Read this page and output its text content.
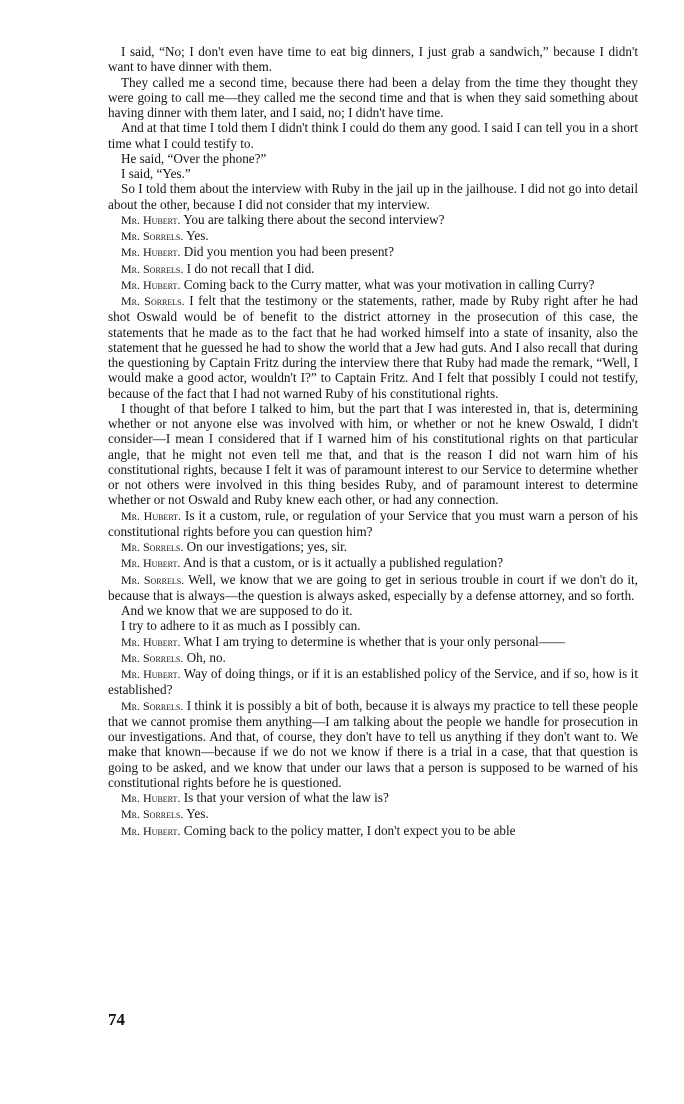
I said, “No; I don't even have time to eat big dinners, I just grab a sandwich,” because I didn't want to have dinner with them.

They called me a second time, because there had been a delay from the time they thought they were going to call me—they called me the second time and that is when they said something about having dinner with them later, and I said, no; I didn't have time.

And at that time I told them I didn't think I could do them any good. I said I can tell you in a short time what I could testify to.

He said, “Over the phone?”

I said, “Yes.”

So I told them about the interview with Ruby in the jail up in the jailhouse. I did not go into detail about the other, because I did not consider that my interview.

Mr. Hubert. You are talking there about the second interview?

Mr. Sorrels. Yes.

Mr. Hubert. Did you mention you had been present?

Mr. Sorrels. I do not recall that I did.

Mr. Hubert. Coming back to the Curry matter, what was your motivation in calling Curry?

Mr. Sorrels. I felt that the testimony or the statements, rather, made by Ruby right after he had shot Oswald would be of benefit to the district attorney in the prosecution of this case, the statements that he made as to the fact that he had worked himself into a state of insanity, also the statement that he guessed he had to show the world that a Jew had guts. And I also recall that during the questioning by Captain Fritz during the interview there that Ruby had made the remark, “Well, I would make a good actor, wouldn't I?” to Captain Fritz. And I felt that possibly I could not testify, because of the fact that I had not warned Ruby of his constitutional rights.

I thought of that before I talked to him, but the part that I was interested in, that is, determining whether or not anyone else was involved with him, or whether or not he knew Oswald, I didn't consider—I mean I considered that if I warned him of his constitutional rights on that particular angle, that he might not even tell me that, and that is the reason I did not warn him of his constitutional rights, because I felt it was of paramount interest to our Service to determine whether or not others were involved in this thing besides Ruby, and of paramount interest to determine whether or not Oswald and Ruby knew each other, or had any connection.

Mr. Hubert. Is it a custom, rule, or regulation of your Service that you must warn a person of his constitutional rights before you can question him?

Mr. Sorrels. On our investigations; yes, sir.

Mr. Hubert. And is that a custom, or is it actually a published regulation?

Mr. Sorrels. Well, we know that we are going to get in serious trouble in court if we don't do it, because that is always—the question is always asked, especially by a defense attorney, and so forth.

And we know that we are supposed to do it.

I try to adhere to it as much as I possibly can.

Mr. Hubert. What I am trying to determine is whether that is your only personal——

Mr. Sorrels. Oh, no.

Mr. Hubert. Way of doing things, or if it is an established policy of the Service, and if so, how is it established?

Mr. Sorrels. I think it is possibly a bit of both, because it is always my practice to tell these people that we cannot promise them anything—I am talking about the people we handle for prosecution in our investigations. And that, of course, they don't have to tell us anything if they don't want to. We make that known—because if we do not we know if there is a trial in a case, that that question is going to be asked, and we know that under our laws that a person is supposed to be warned of his constitutional rights before he is questioned.

Mr. Hubert. Is that your version of what the law is?

Mr. Sorrels. Yes.

Mr. Hubert. Coming back to the policy matter, I don't expect you to be able

74
